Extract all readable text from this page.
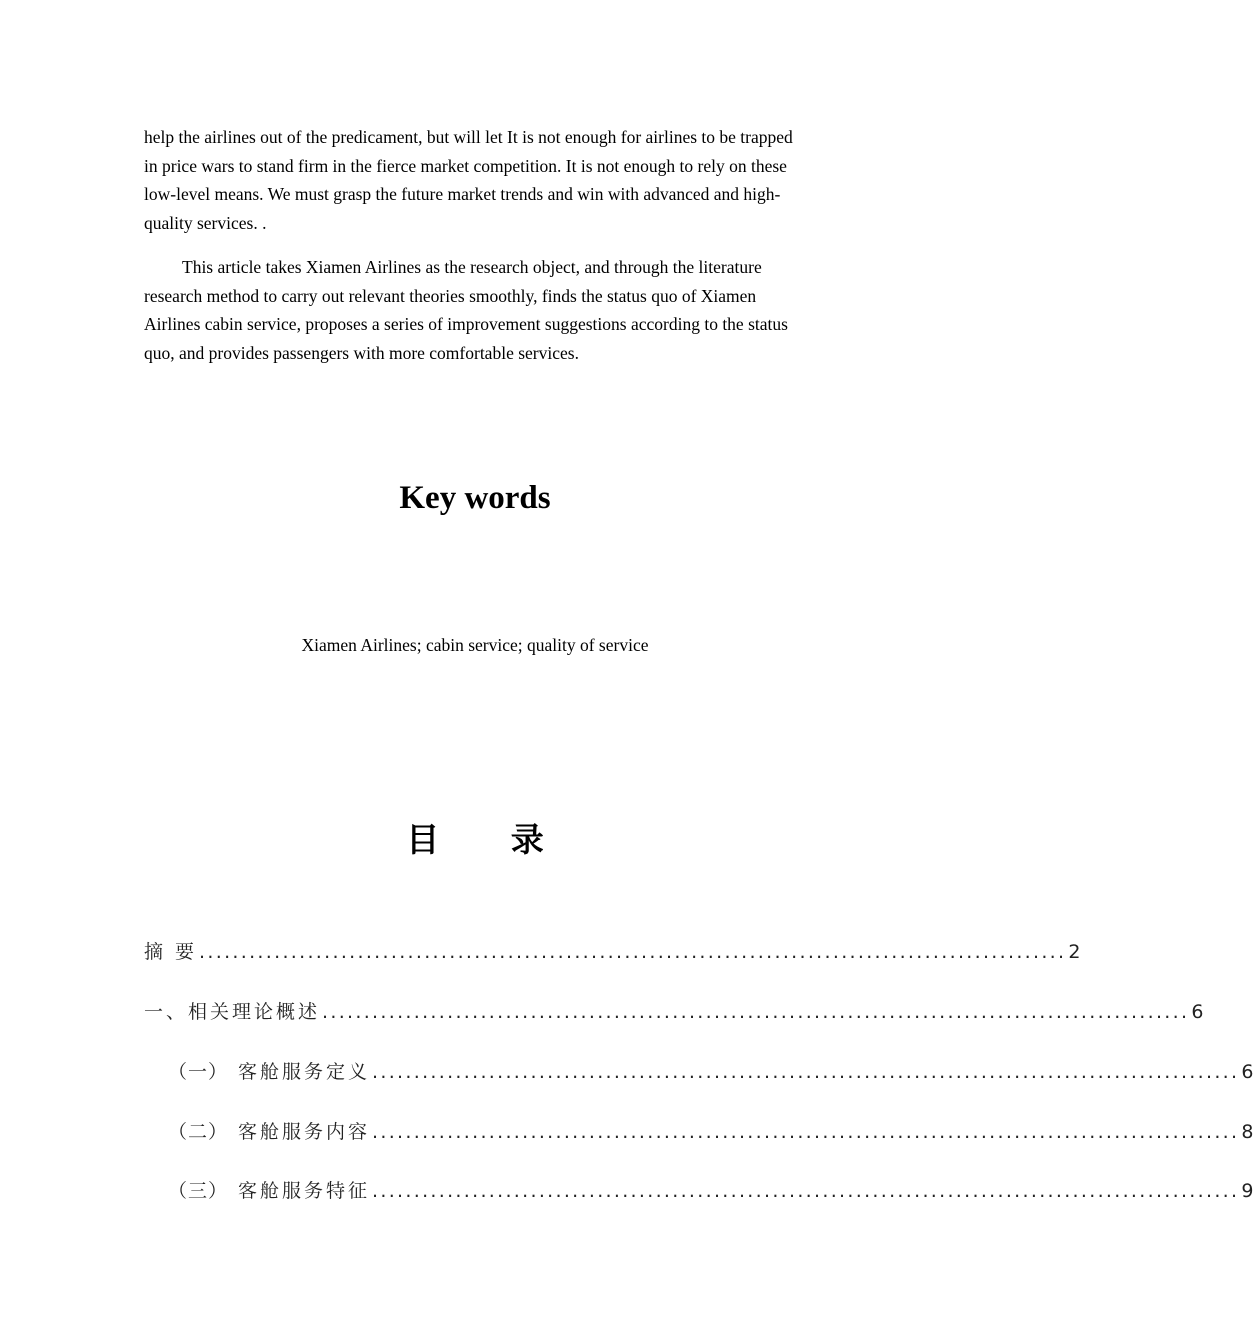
help the airlines out of the predicament, but will let It is not enough for airlines to be trapped in price wars to stand firm in the fierce market competition. It is not enough to rely on these low-level means. We must grasp the future market trends and win with advanced and high-quality services. .

This article takes Xiamen Airlines as the research object, and through the literature research method to carry out relevant theories smoothly, finds the status quo of Xiamen Airlines cabin service, proposes a series of improvement suggestions according to the status quo, and provides passengers with more comfortable services.

Key words

Xiamen Airlines; cabin service; quality of service

目 录
摘 要 ........................................................................................................ 2
一、相关理论概述 ........................................................................................................ 6
（一） 客舱服务定义 ........................................................................................................ 6
（二） 客舱服务内容 ........................................................................................................ 8
（三） 客舱服务特征 ........................................................................................................ 9
